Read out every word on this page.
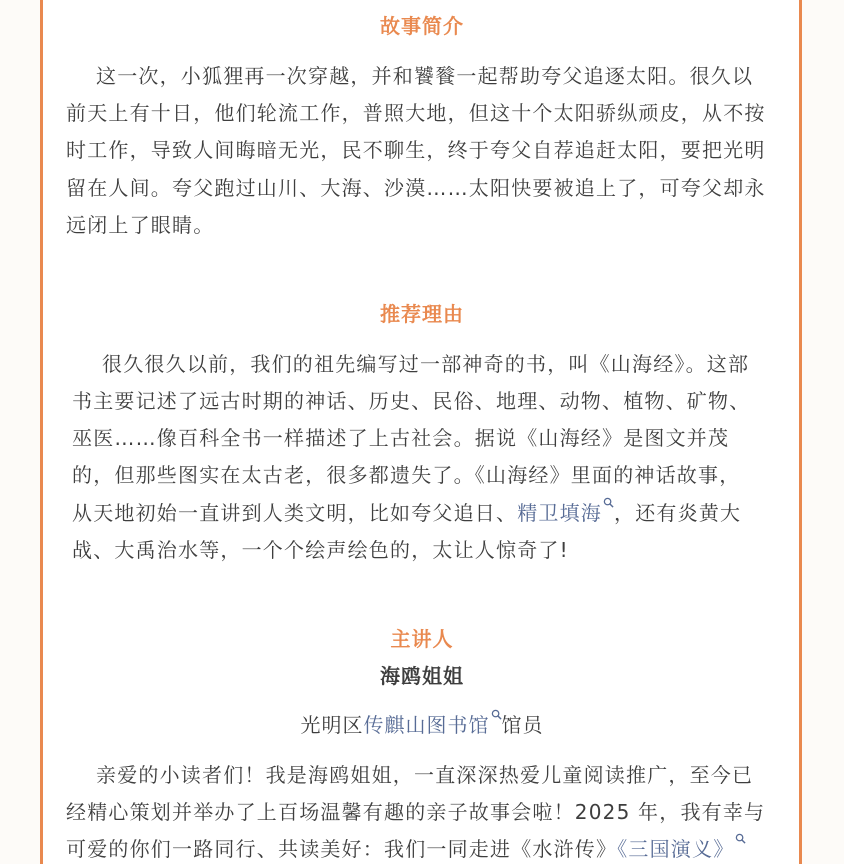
故事简介
这一次，小狐狸再一次穿越，并和饕餮一起帮助夸父追逐太阳。很久以
前天上有十日，他们轮流工作，普照大地，但这十个太阳骄纵顽皮，从不按
时工作，导致人间晦暗无光，民不聊生，终于夸父自荐追赶太阳，要把光明
留在人间。夸父跑过山川、大海、沙漠……太阳快要被追上了，可夸父却永
远闭上了眼睛。
推荐理由
很久很久以前，我们的祖先编写过一部神奇的书，叫《山海经》。这部
书主要记述了远古时期的神话、历史、民俗、地理、动物、植物、矿物、
巫医……像百科全书一样描述了上古社会。据说《山海经》是图文并茂
的，但那些图实在太古老，很多都遗失了。《山海经》里面的神话故事，
从天地初始一直讲到人类文明，比如夸父追日、精卫填海 ，还有炎黄大
战、大禹治水等，一个个绘声绘色的，太让人惊奇了!
主讲人
海鸥姐姐
光明区传麒山图书馆 馆员
亲爱的小读者们！我是海鸥姐姐，一直深深热爱儿童阅读推广，至今已
经精心策划并举办了上百场温馨有趣的亲子故事会啦！2025 年，我有幸与
可爱的你们一路同行、共读美好：我们一同走进《水浒传》《三国演义》
